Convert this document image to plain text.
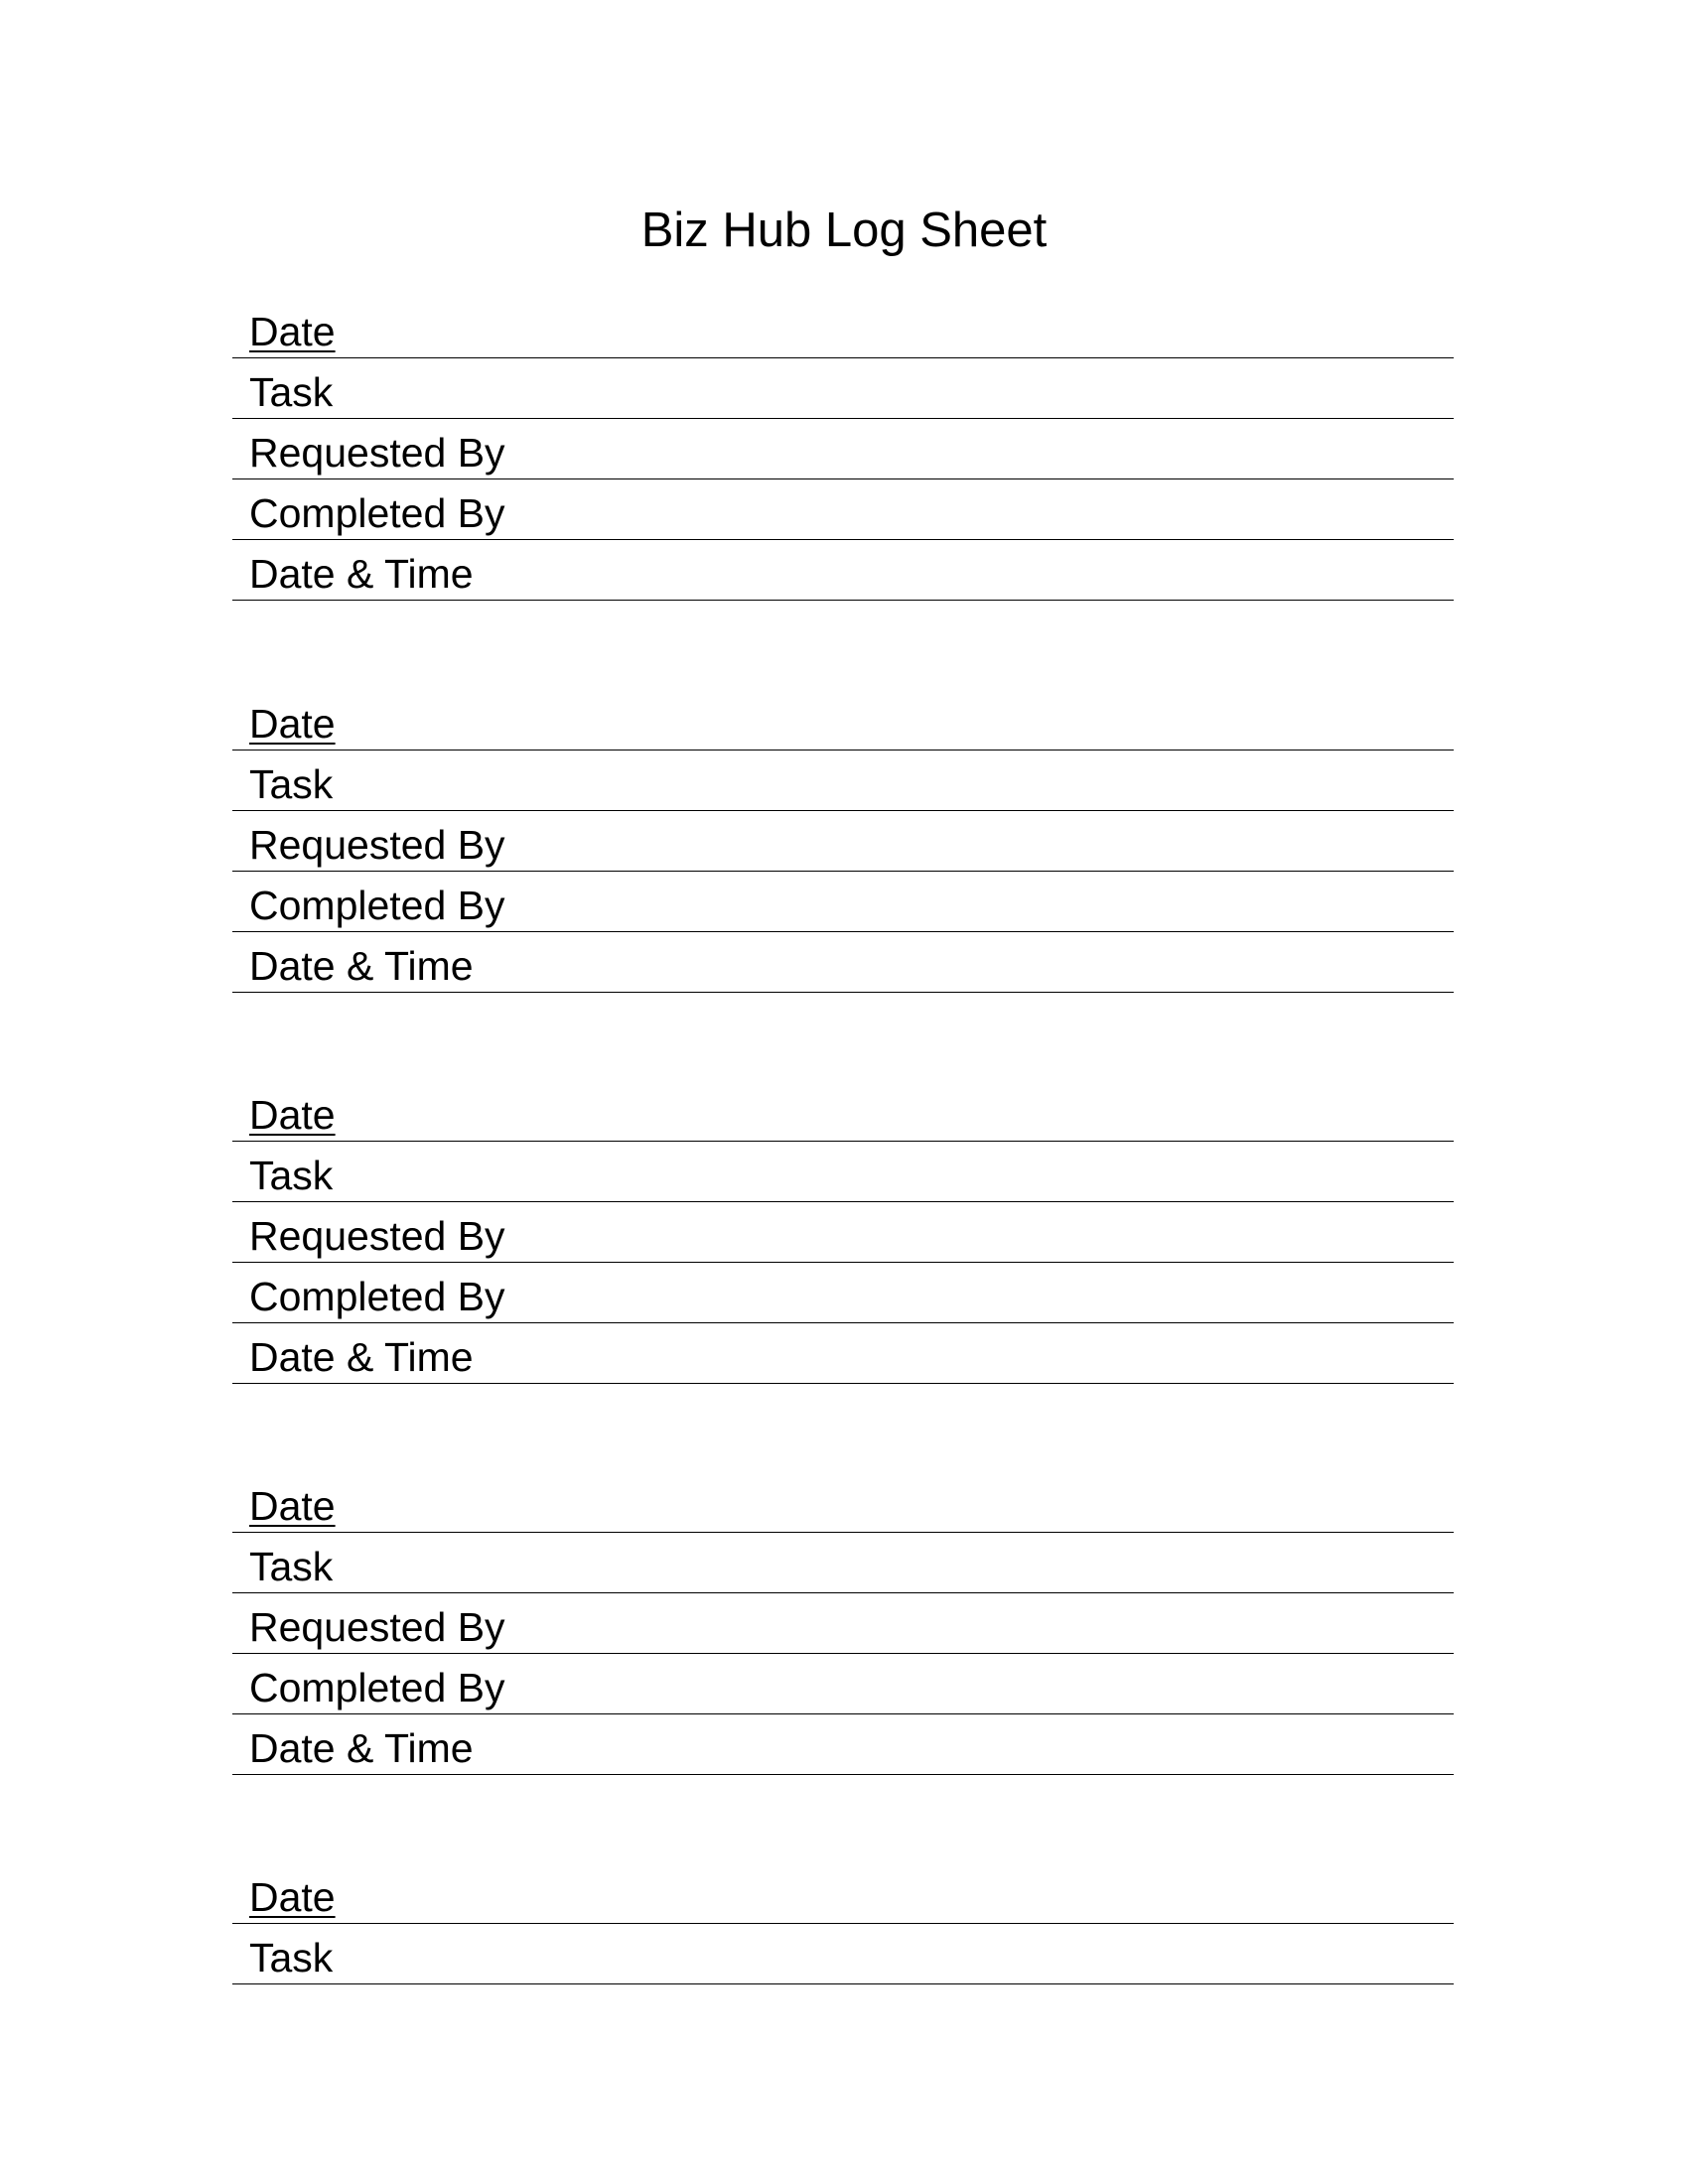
Biz Hub Log Sheet
Date
Task
Requested By
Completed By
Date & Time
Date
Task
Requested By
Completed By
Date & Time
Date
Task
Requested By
Completed By
Date & Time
Date
Task
Requested By
Completed By
Date & Time
Date
Task
